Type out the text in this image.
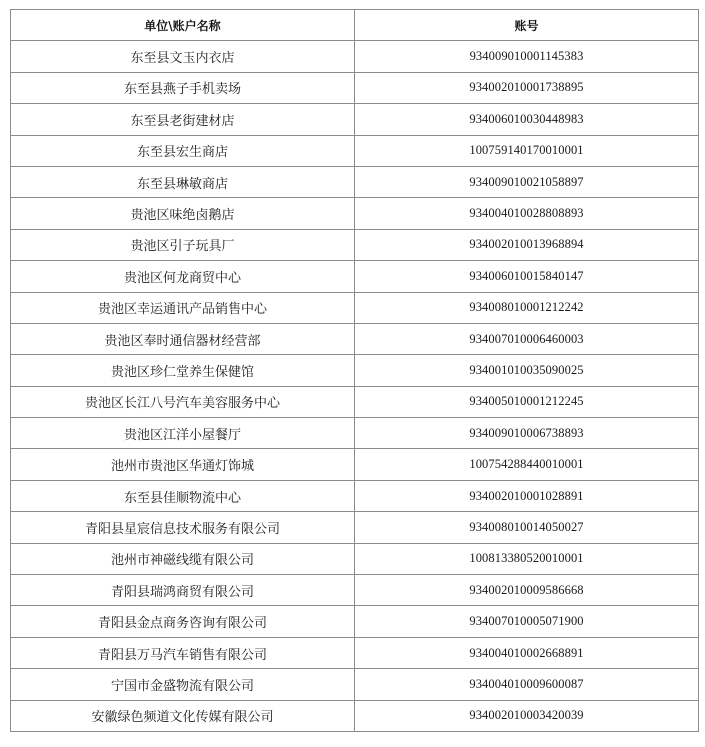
单位\账户名称	账号
东至县文玉内衣店	934009010001145383
东至县燕子手机卖场	934002010001738895
东至县老街建材店	934006010030448983
东至县宏生商店	100759140170010001
东至县琳敏商店	934009010021058897
贵池区味绝卤鹅店	934004010028808893
贵池区引子玩具厂	934002010013968894
贵池区何龙商贸中心	934006010015840147
贵池区幸运通讯产品销售中心	934008010001212242
贵池区奉时通信器材经营部	934007010006460003
贵池区珍仁堂养生保健馆	934001010035090025
贵池区长江八号汽车美容服务中心	934005010001212245
贵池区江洋小屋餐厅	934009010006738893
池州市贵池区华通灯饰城	100754288440010001
东至县佳顺物流中心	934002010001028891
青阳县星宸信息技术服务有限公司	934008010014050027
池州市神磁线缆有限公司	100813380520010001
青阳县瑞鸿商贸有限公司	934002010009586668
青阳县金点商务咨询有限公司	934007010005071900
青阳县万马汽车销售有限公司	934004010002668891
宁国市金盛物流有限公司	934004010009600087
安徽绿色频道文化传媒有限公司	934002010003420039
